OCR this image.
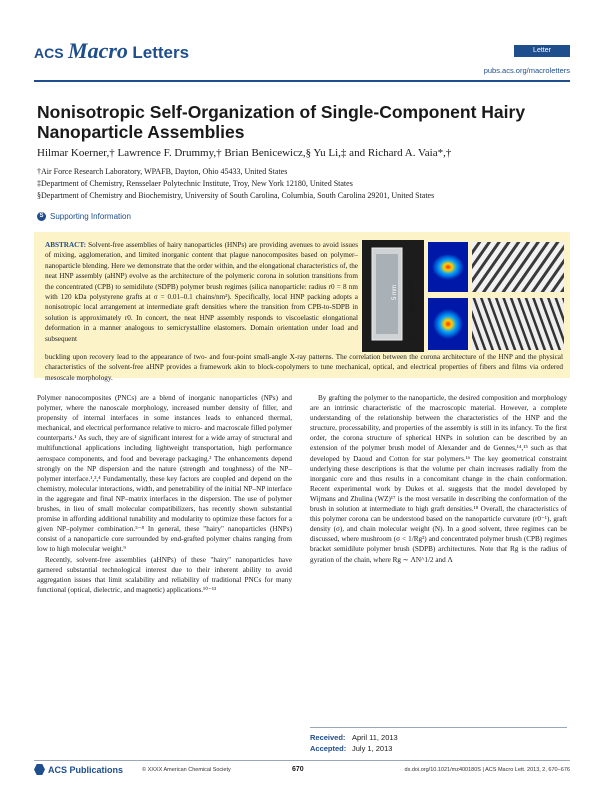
ACS Macro Letters	Letter
pubs.acs.org/macroletters
Nonisotropic Self-Organization of Single-Component Hairy Nanoparticle Assemblies
Hilmar Koerner,† Lawrence F. Drummy,† Brian Benicewicz,§ Yu Li,‡ and Richard A. Vaia*,†
†Air Force Research Laboratory, WPAFB, Dayton, Ohio 45433, United States
‡Department of Chemistry, Rensselaer Polytechnic Institute, Troy, New York 12180, United States
§Department of Chemistry and Biochemistry, University of South Carolina, Columbia, South Carolina 29201, United States
S Supporting Information
ABSTRACT: Solvent-free assemblies of hairy nanoparticles (HNPs) are providing avenues to avoid issues of mixing, agglomeration, and limited inorganic content that plague nanocomposites based on polymer–nanoparticle blending. Here we demonstrate that the order within, and the elongational characteristics of, the neat HNP assembly (aHNP) evolve as the architecture of the polymeric corona in solution transitions from the concentrated (CPB) to semidilute (SDPB) polymer brush regimes (silica nanoparticle: radius r0 = 8 nm with 120 kDa polystyrene grafts at σ = 0.01–0.1 chains/nm²). Specifically, local HNP packing adopts a nonisotropic local arrangement at intermediate graft densities where the transition from CPB-to-SDPB in solution is approximately r0. In concert, the neat HNP assembly responds to viscoelastic elongational deformation in a manner analogous to semicrystalline elastomers. Domain orientation under load and subsequent
buckling upon recovery lead to the appearance of two- and four-point small-angle X-ray patterns. The correlation between the corona architecture of the HNP and the physical characteristics of the solvent-free aHNP provides a framework akin to block-copolymers to tune mechanical, optical, and electrical properties of fibers and films via ordered mesoscale morphology.
0.05 chains/nm²
5 mm

Polymer nanocomposites (PNCs) are a blend of inorganic nanoparticles (NPs) and polymer, where the nanoscale morphology, increased number density of filler, and propensity of internal interfaces in some instances leads to enhanced thermal, mechanical, and electrical performance relative to micro- and macroscale filled polymer counterparts.¹ As such, they are of significant interest for a wide array of structural and multifunctional applications including lightweight transportation, high performance aerospace components, and food and beverage packaging.² The enhancements depend strongly on the NP dispersion and the nature (strength and toughness) of the NP–polymer interface.¹,³,⁴ Fundamentally, these key factors are coupled and depend on the chemistry, molecular interactions, width, and penetrability of the initial NP–NP interface in the aggregate and final NP–matrix interfaces in the dispersion. The use of polymer brushes, in lieu of small molecular compatibilizers, has recently shown substantial promise in affording additional tunability and modularity to optimize these factors for a given NP–polymer combination.⁵⁻⁸ In general, these "hairy" nanoparticles (HNPs) consist of a nanoparticle core surrounded by end-grafted polymer chains ranging from low to high molecular weight.⁹

Recently, solvent-free assemblies (aHNPs) of these "hairy" nanoparticles have garnered substantial technological interest due to their inherent ability to avoid aggregation issues that limit scalability and reliability of traditional PNCs for many functional (optical, dielectric, and magnetic) applications.¹⁰⁻¹³

By grafting the polymer to the nanoparticle, the desired composition and morphology are an intrinsic characteristic of the macroscopic material. However, a complete understanding of the relationship between the characteristics of the HNP and the structure, processability, and properties of the assembly is still in its infancy. To the first order, the corona structure of spherical HNPs in solution can be described by an extension of the polymer brush model of Alexander and de Gennes,¹⁴,¹⁵ such as that developed by Daoud and Cotton for star polymers.¹⁶ The key geometrical constraint underlying these descriptions is that the volume per chain increases radially from the inorganic core and thus results in a concomitant change in the chain conformation. Recent experimental work by Dukes et al. suggests that the model developed by Wijmans and Zhulina (WZ)¹⁷ is the most versatile in describing the conformation of the brush in solution at intermediate to high graft densities.¹⁸ Overall, the characteristics of this polymer corona can be understood based on the nanoparticle curvature (r0⁻¹), graft density (σ), and chain molecular weight (N). In a good solvent, three regimes can be discussed, where mushroom (σ < 1/Rg²) and concentrated polymer brush (CPB) regimes bracket semidilute polymer brush (SDPB) architectures. Note that Rg is the radius of gyration of the chain, where Rg ∼ ΛN^1/2 and Λ

Received: April 11, 2013
Accepted: July 1, 2013
ACS Publications	© XXXX American Chemical Society	670	dx.doi.org/10.1021/mz400180S | ACS Macro Lett. 2013, 2, 670−676
